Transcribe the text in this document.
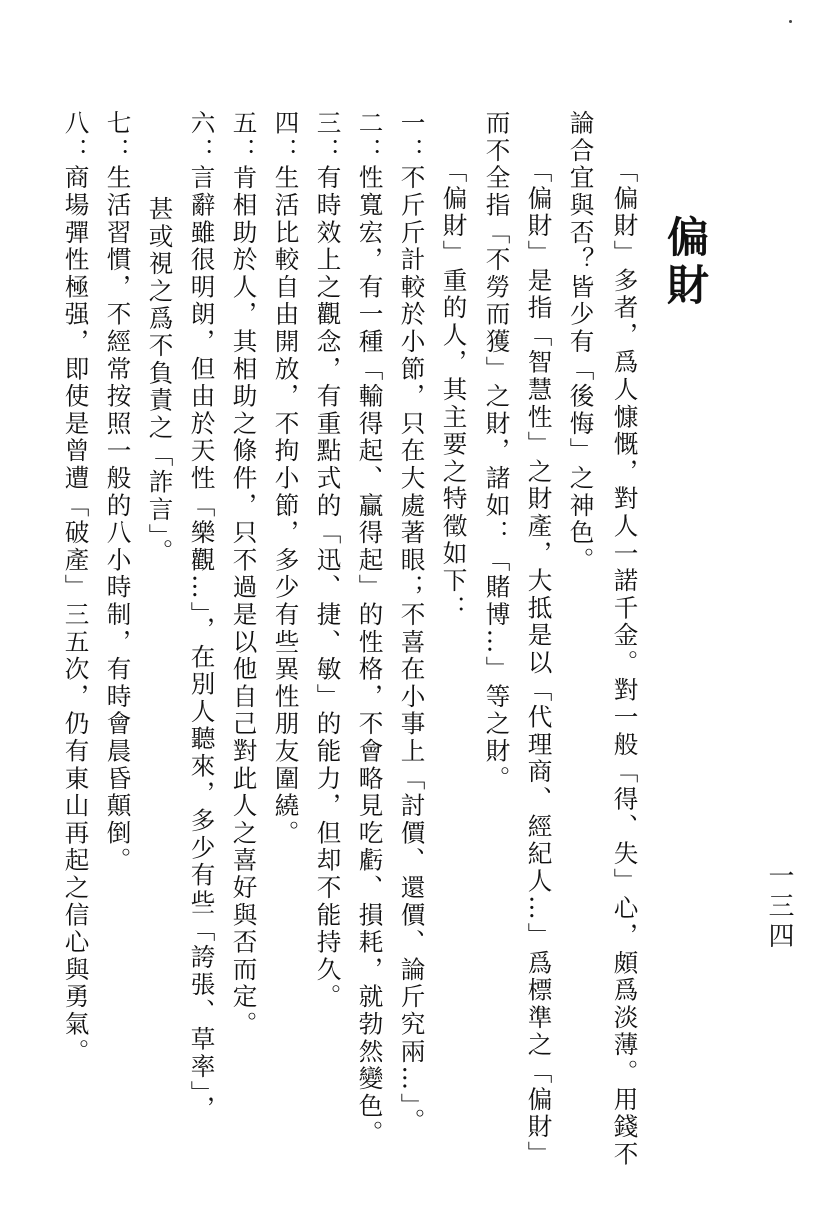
偏財
一三四
「偏財」多者，爲人慷慨，對人一諾千金。對一般「得、失」心，頗爲淡薄。用錢不
論合宜與否？皆少有「後悔」之神色。
「偏財」是指「智慧性」之財產，大抵是以「代理商、經紀人…」爲標準之「偏財」
而不全指「不勞而獲」之財，諸如：「賭博…」等之財。
「偏財」重的人，其主要之特徵如下：
一：不斤斤計較於小節，只在大處著眼；不喜在小事上「討價、還價、論斤究兩…」。
二：性寬宏，有一種「輸得起、贏得起」的性格，不會略見吃虧、損耗，就勃然變色。
三：有時效上之觀念，有重點式的「迅、捷、敏」的能力，但却不能持久。
四：生活比較自由開放，不拘小節，多少有些異性朋友圍繞。
五：肯相助於人，其相助之條件，只不過是以他自己對此人之喜好與否而定。
六：言辭雖很明朗，但由於天性「樂觀…」，在別人聽來，多少有些「誇張、草率」，
甚或視之爲不負責之「詐言」。
七：生活習慣，不經常按照一般的八小時制，有時會晨昏顛倒。
八：商場彈性極强，即使是曾遭「破產」三五次，仍有東山再起之信心與勇氣。
